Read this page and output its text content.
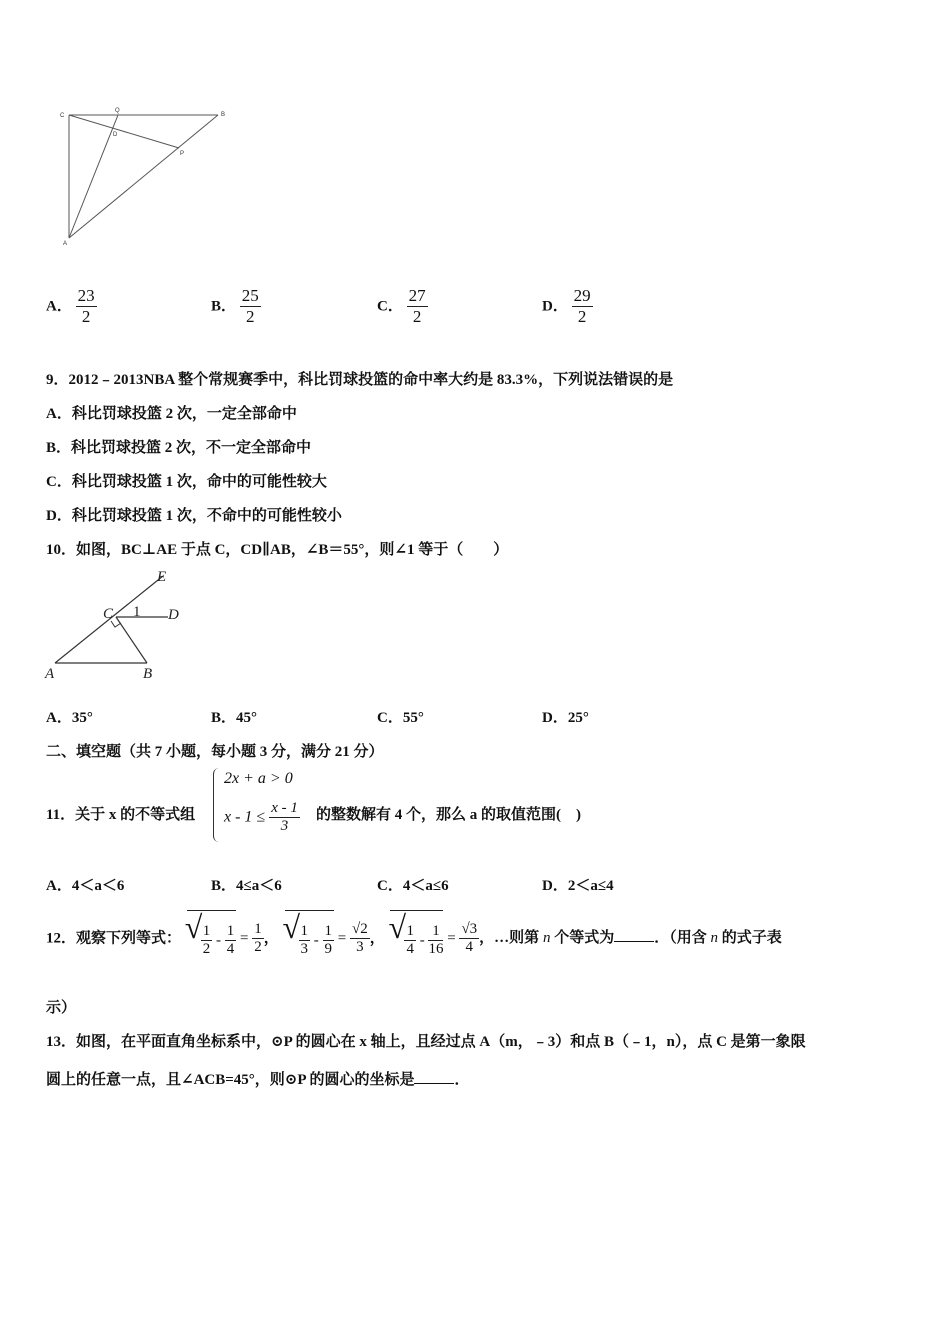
C
Q
D
B
P
A
A． $\frac{23}{2}$	B． $\frac{25}{2}$	C． $\frac{27}{2}$	D． $\frac{29}{2}$
9．2012﹣2013NBA 整个常规赛季中，科比罚球投篮的命中率大约是 83.3%，下列说法错误的是
A．科比罚球投篮 2 次，一定全部命中
B．科比罚球投篮 2 次，不一定全部命中
C．科比罚球投篮 1 次，命中的可能性较大
D．科比罚球投篮 1 次，不命中的可能性较小
10．如图，BC⊥AE 于点 C，CD∥AB，∠B＝55°，则∠1 等于（　　）
E
C 1 D
A	B
A．35°	B．45°	C．55°	D．25°
二、填空题（共 7 小题，每小题 3 分，满分 21 分）
11．关于 x 的不等式组
2x + a > 0
$x - 1 \le \frac{x - 1}{3}$ 的整数解有 4 个，那么 a 的取值范围(　)
A．4＜a＜6	B．4≤a＜6	C．4＜a≤6	D．2＜a≤4
12．观察下列等式： √ $\frac{1}{2} - \frac{1}{4} = \frac{1}{2}$ ， √ $\frac{1}{3} - \frac{1}{9} = \frac{√2}{3}$ ， √ $\frac{1}{4} - \frac{1}{16} = \frac{√3}{4}$ ，…则第 n 个等式为	．（用含 n 的式子表
示）
13．如图，在平面直角坐标系中，⊙P 的圆心在 x 轴上，且经过点 A（m，﹣3）和点 B（﹣1，n），点 C 是第一象限
圆上的任意一点，且∠ACB=45°，则⊙P 的圆心的坐标是	．
